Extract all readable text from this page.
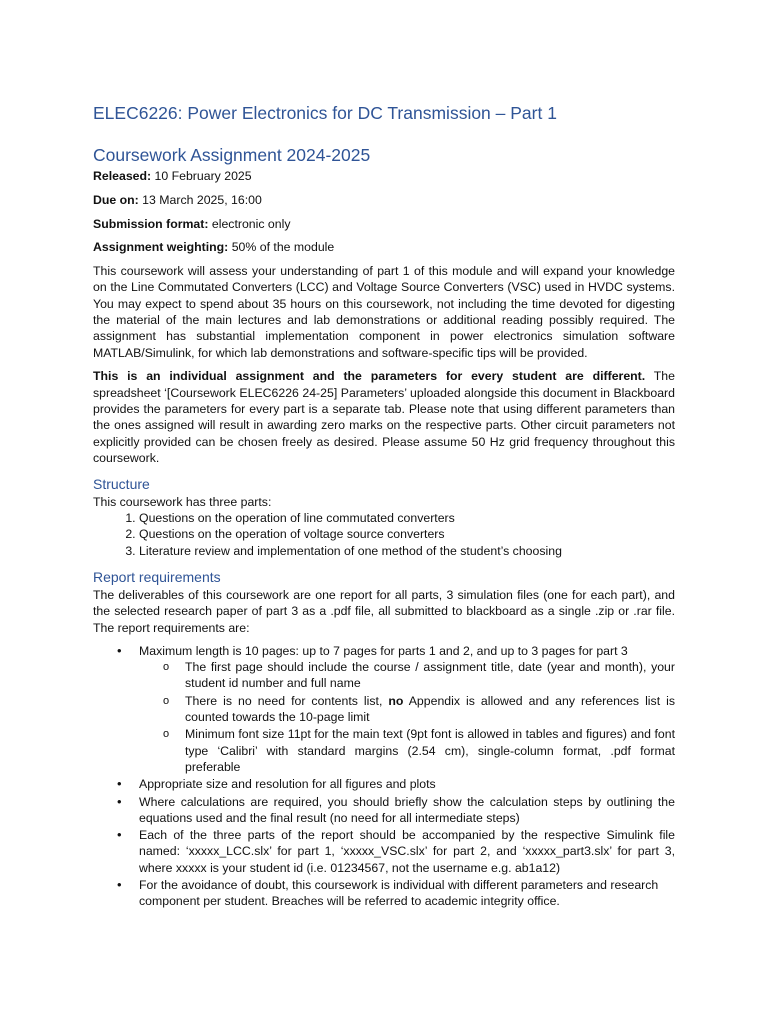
ELEC6226: Power Electronics for DC Transmission – Part 1
Coursework Assignment 2024-2025

Released: 10 February 2025

Due on: 13 March 2025, 16:00

Submission format: electronic only

Assignment weighting: 50% of the module

This coursework will assess your understanding of part 1 of this module and will expand your knowledge on the Line Commutated Converters (LCC) and Voltage Source Converters (VSC) used in HVDC systems. You may expect to spend about 35 hours on this coursework, not including the time devoted for digesting the material of the main lectures and lab demonstrations or additional reading possibly required. The assignment has substantial implementation component in power electronics simulation software MATLAB/Simulink, for which lab demonstrations and software-specific tips will be provided.

This is an individual assignment and the parameters for every student are different. The spreadsheet ‘[Coursework ELEC6226 24-25] Parameters’ uploaded alongside this document in Blackboard provides the parameters for every part is a separate tab. Please note that using different parameters than the ones assigned will result in awarding zero marks on the respective parts. Other circuit parameters not explicitly provided can be chosen freely as desired. Please assume 50 Hz grid frequency throughout this coursework.

Structure

This coursework has three parts:

1. Questions on the operation of line commutated converters
2. Questions on the operation of voltage source converters
3. Literature review and implementation of one method of the student’s choosing
Report requirements

The deliverables of this coursework are one report for all parts, 3 simulation files (one for each part), and the selected research paper of part 3 as a .pdf file, all submitted to blackboard as a single .zip or .rar file. The report requirements are:

• Maximum length is 10 pages: up to 7 pages for parts 1 and 2, and up to 3 pages for part 3
o The first page should include the course / assignment title, date (year and month), your student id number and full name
o There is no need for contents list, no Appendix is allowed and any references list is counted towards the 10-page limit
o Minimum font size 11pt for the main text (9pt font is allowed in tables and figures) and font type ‘Calibri’ with standard margins (2.54 cm), single-column format, .pdf format preferable
• Appropriate size and resolution for all figures and plots
• Where calculations are required, you should briefly show the calculation steps by outlining the equations used and the final result (no need for all intermediate steps)
• Each of the three parts of the report should be accompanied by the respective Simulink file named: ‘xxxxx_LCC.slx’ for part 1, ‘xxxxx_VSC.slx’ for part 2, and ‘xxxxx_part3.slx’ for part 3, where xxxxx is your student id (i.e. 01234567, not the username e.g. ab1a12)
• For the avoidance of doubt, this coursework is individual with different parameters and research component per student. Breaches will be referred to academic integrity office.
